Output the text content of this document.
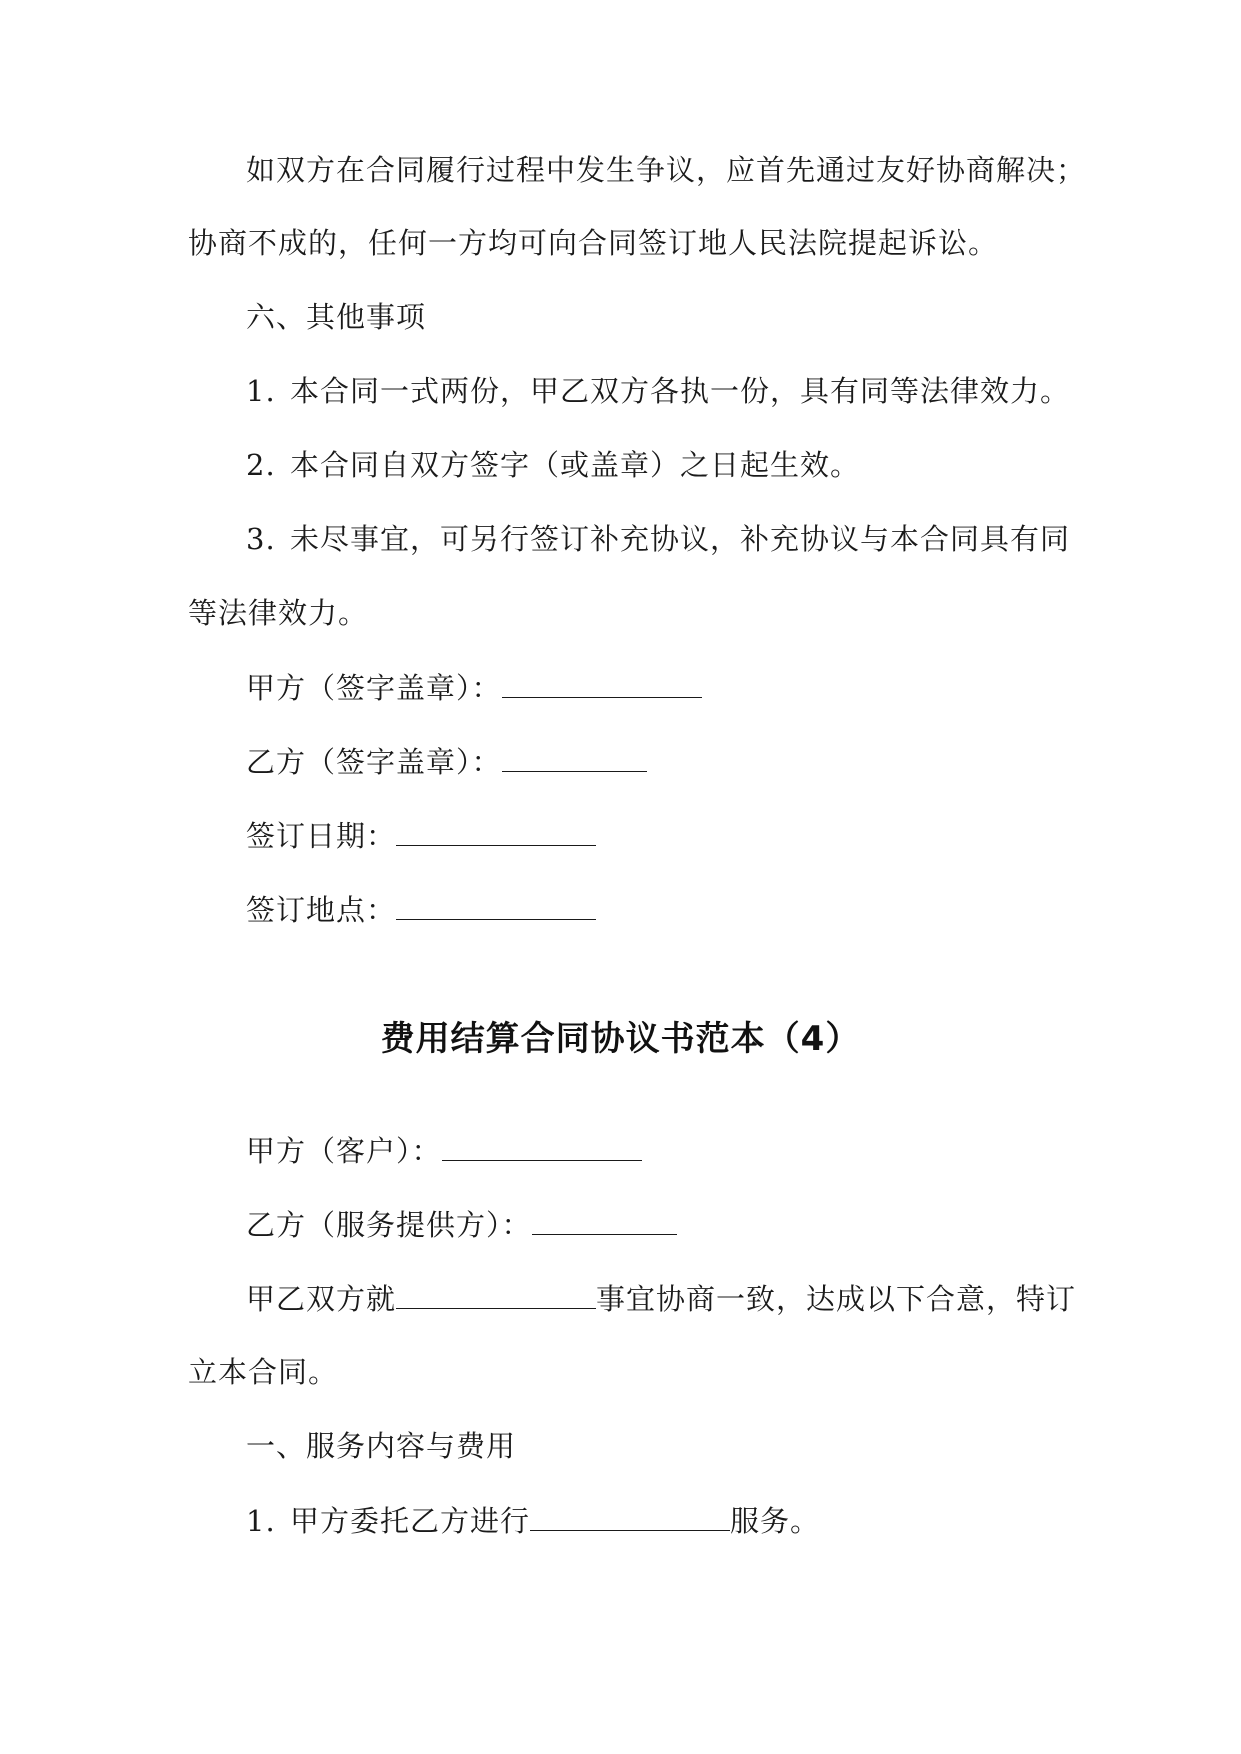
如双方在合同履行过程中发生争议，应首先通过友好协商解决；
协商不成的，任何一方均可向合同签订地人民法院提起诉讼。
六、其他事项
1. 本合同一式两份，甲乙双方各执一份，具有同等法律效力。
2. 本合同自双方签字（或盖章）之日起生效。
3. 未尽事宜，可另行签订补充协议，补充协议与本合同具有同
等法律效力。
甲方（签字盖章）：
乙方（签字盖章）：
签订日期：
签订地点：
费用结算合同协议书范本（4）
甲方（客户）：
乙方（服务提供方）：
甲乙双方就	事宜协商一致，达成以下合意，特订
立本合同。
一、服务内容与费用
1. 甲方委托乙方进行	服务。
